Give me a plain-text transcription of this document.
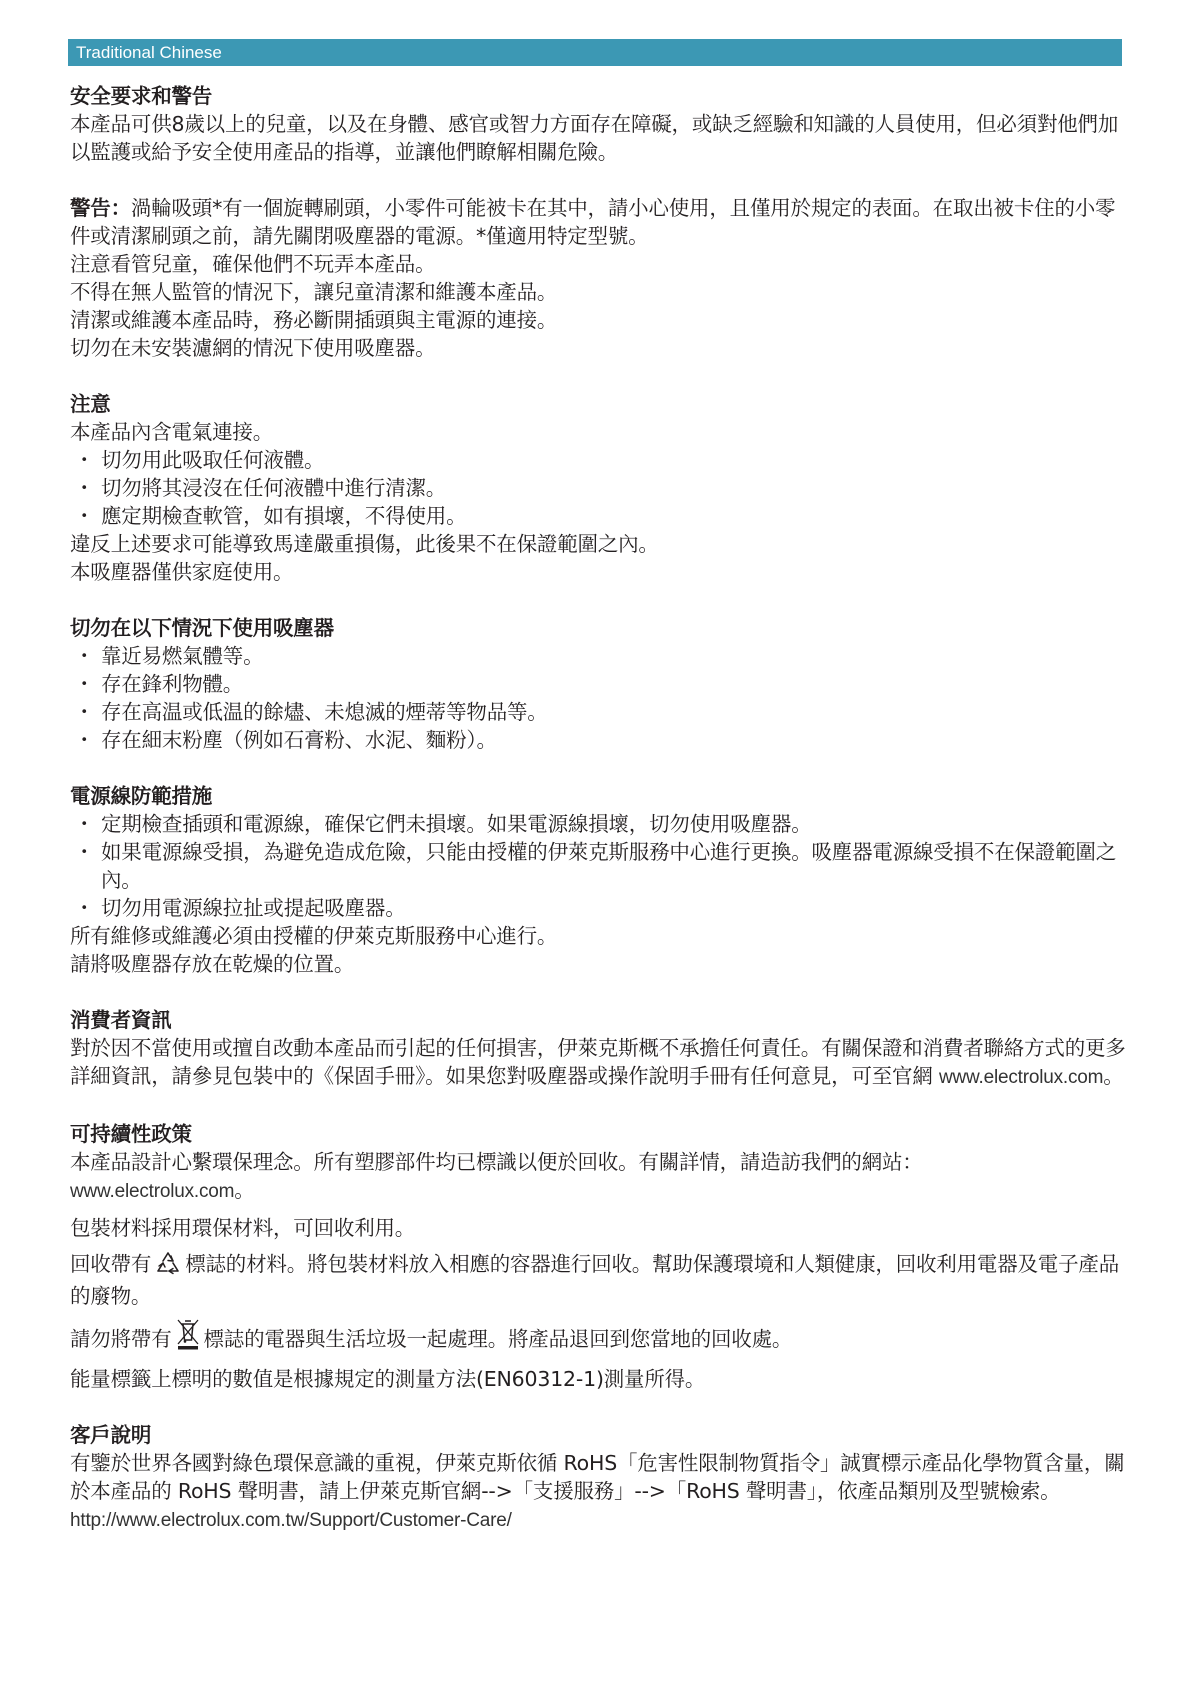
Traditional Chinese
安全要求和警告

本產品可供8歲以上的兒童，以及在身體、感官或智力方面存在障礙，或缺乏經驗和知識的人員使用，但必須對他們加以監護或給予安全使用產品的指導，並讓他們瞭解相關危險。

警告：渦輪吸頭*有一個旋轉刷頭，小零件可能被卡在其中，請小心使用，且僅用於規定的表面。在取出被卡住的小零件或清潔刷頭之前，請先關閉吸塵器的電源。*僅適用特定型號。

注意看管兒童，確保他們不玩弄本產品。

不得在無人監管的情況下，讓兒童清潔和維護本產品。

清潔或維護本產品時，務必斷開插頭與主電源的連接。

切勿在未安裝濾網的情況下使用吸塵器。

注意

本產品內含電氣連接。

・ 切勿用此吸取任何液體。
・ 切勿將其浸沒在任何液體中進行清潔。
・ 應定期檢查軟管，如有損壞，不得使用。

違反上述要求可能導致馬達嚴重損傷，此後果不在保證範圍之內。

本吸塵器僅供家庭使用。

切勿在以下情況下使用吸塵器
・ 靠近易燃氣體等。
・ 存在鋒利物體。
・ 存在高温或低温的餘燼、未熄滅的煙蒂等物品等。
・ 存在細末粉塵（例如石膏粉、水泥、麵粉）。
電源線防範措施
・ 定期檢查插頭和電源線，確保它們未損壞。如果電源線損壞，切勿使用吸塵器。
・ 如果電源線受損，為避免造成危險，只能由授權的伊萊克斯服務中心進行更換。吸塵器電源線受損不在保證範圍之內。
・ 切勿用電源線拉扯或提起吸塵器。

所有維修或維護必須由授權的伊萊克斯服務中心進行。

請將吸塵器存放在乾燥的位置。

消費者資訊

對於因不當使用或擅自改動本產品而引起的任何損害，伊萊克斯概不承擔任何責任。有關保證和消費者聯絡方式的更多詳細資訊，請參見包裝中的《保固手冊》。如果您對吸塵器或操作說明手冊有任何意見，可至官網 www.electrolux.com。

可持續性政策

本產品設計心繫環保理念。所有塑膠部件均已標識以便於回收。有關詳情，請造訪我們的網站：

www.electrolux.com。

包裝材料採用環保材料，可回收利用。

回收帶有 標誌的材料。將包裝材料放入相應的容器進行回收。幫助保護環境和人類健康，回收利用電器及電子產品的廢物。

請勿將帶有 標誌的電器與生活垃圾一起處理。將產品退回到您當地的回收處。

能量標籤上標明的數值是根據規定的測量方法(EN60312-1)測量所得。

客戶說明

有鑒於世界各國對綠色環保意識的重視，伊萊克斯依循 RoHS「危害性限制物質指令」誠實標示產品化學物質含量，關於本產品的 RoHS 聲明書，請上伊萊克斯官網-->「支援服務」-->「RoHS 聲明書」，依產品類別及型號檢索。

http://www.electrolux.com.tw/Support/Customer-Care/
